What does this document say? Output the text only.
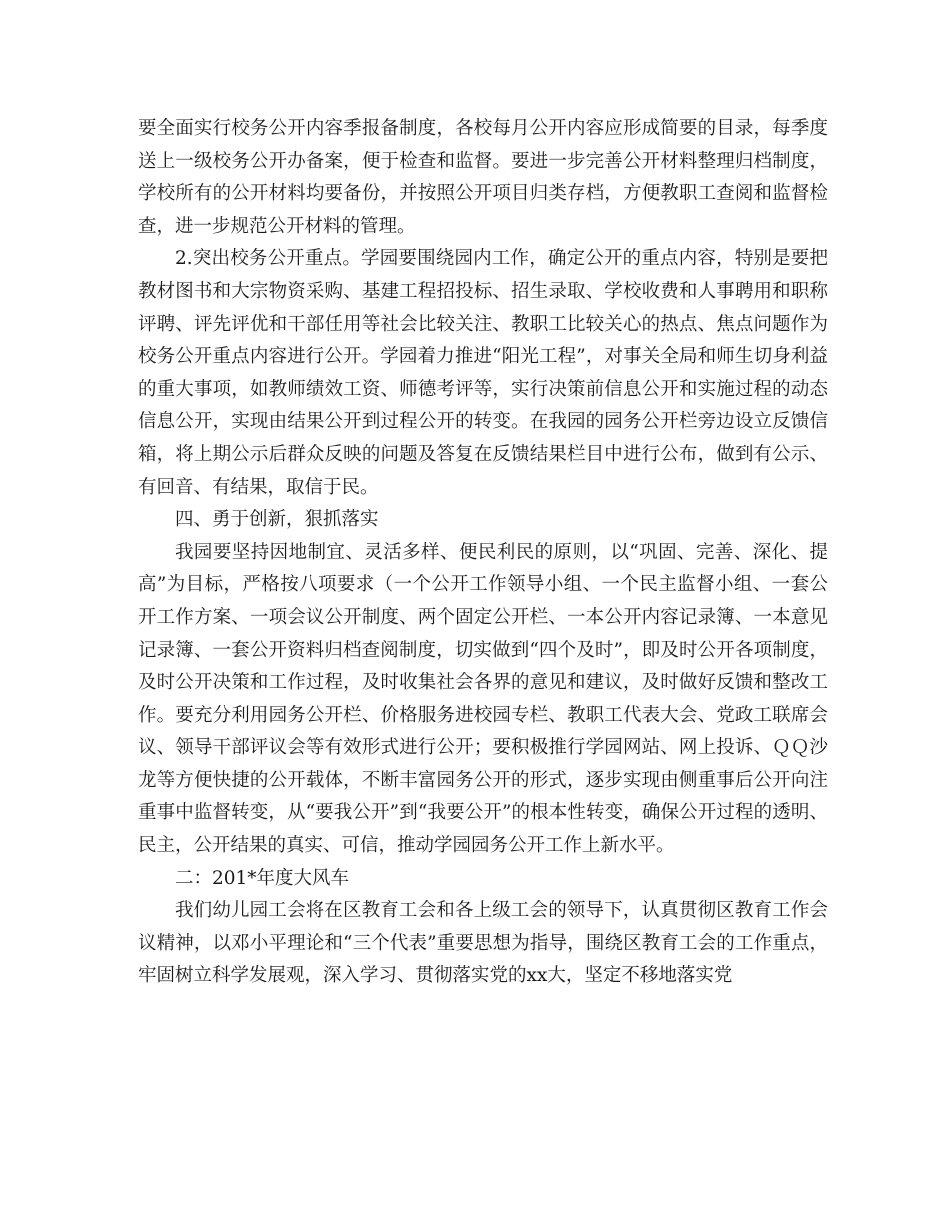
要全面实行校务公开内容季报备制度，各校每月公开内容应形成简要的目录，每季度送上一级校务公开办备案，便于检查和监督。要进一步完善公开材料整理归档制度，学校所有的公开材料均要备份，并按照公开项目归类存档，方便教职工查阅和监督检查，进一步规范公开材料的管理。

2.突出校务公开重点。学园要围绕园内工作，确定公开的重点内容，特别是要把教材图书和大宗物资采购、基建工程招投标、招生录取、学校收费和人事聘用和职称评聘、评先评优和干部任用等社会比较关注、教职工比较关心的热点、焦点问题作为校务公开重点内容进行公开。学园着力推进“阳光工程”，对事关全局和师生切身利益的重大事项，如教师绩效工资、师德考评等，实行决策前信息公开和实施过程的动态信息公开，实现由结果公开到过程公开的转变。在我园的园务公开栏旁边设立反馈信箱，将上期公示后群众反映的问题及答复在反馈结果栏目中进行公布，做到有公示、有回音、有结果，取信于民。

四、勇于创新，狠抓落实

我园要坚持因地制宜、灵活多样、便民利民的原则，以“巩固、完善、深化、提高”为目标，严格按八项要求（一个公开工作领导小组、一个民主监督小组、一套公开工作方案、一项会议公开制度、两个固定公开栏、一本公开内容记录簿、一本意见记录簿、一套公开资料归档查阅制度，切实做到“四个及时”，即及时公开各项制度，及时公开决策和工作过程，及时收集社会各界的意见和建议，及时做好反馈和整改工作。要充分利用园务公开栏、价格服务进校园专栏、教职工代表大会、党政工联席会议、领导干部评议会等有效形式进行公开；要积极推行学园网站、网上投诉、ＱＱ沙龙等方便快捷的公开载体，不断丰富园务公开的形式，逐步实现由侧重事后公开向注重事中监督转变，从“要我公开”到“我要公开”的根本性转变，确保公开过程的透明、民主，公开结果的真实、可信，推动学园园务公开工作上新水平。

二：201*年度大风车

我们幼儿园工会将在区教育工会和各上级工会的领导下，认真贯彻区教育工作会议精神，以邓小平理论和“三个代表”重要思想为指导，围绕区教育工会的工作重点，牢固树立科学发展观，深入学习、贯彻落实党的xx大，坚定不移地落实党
